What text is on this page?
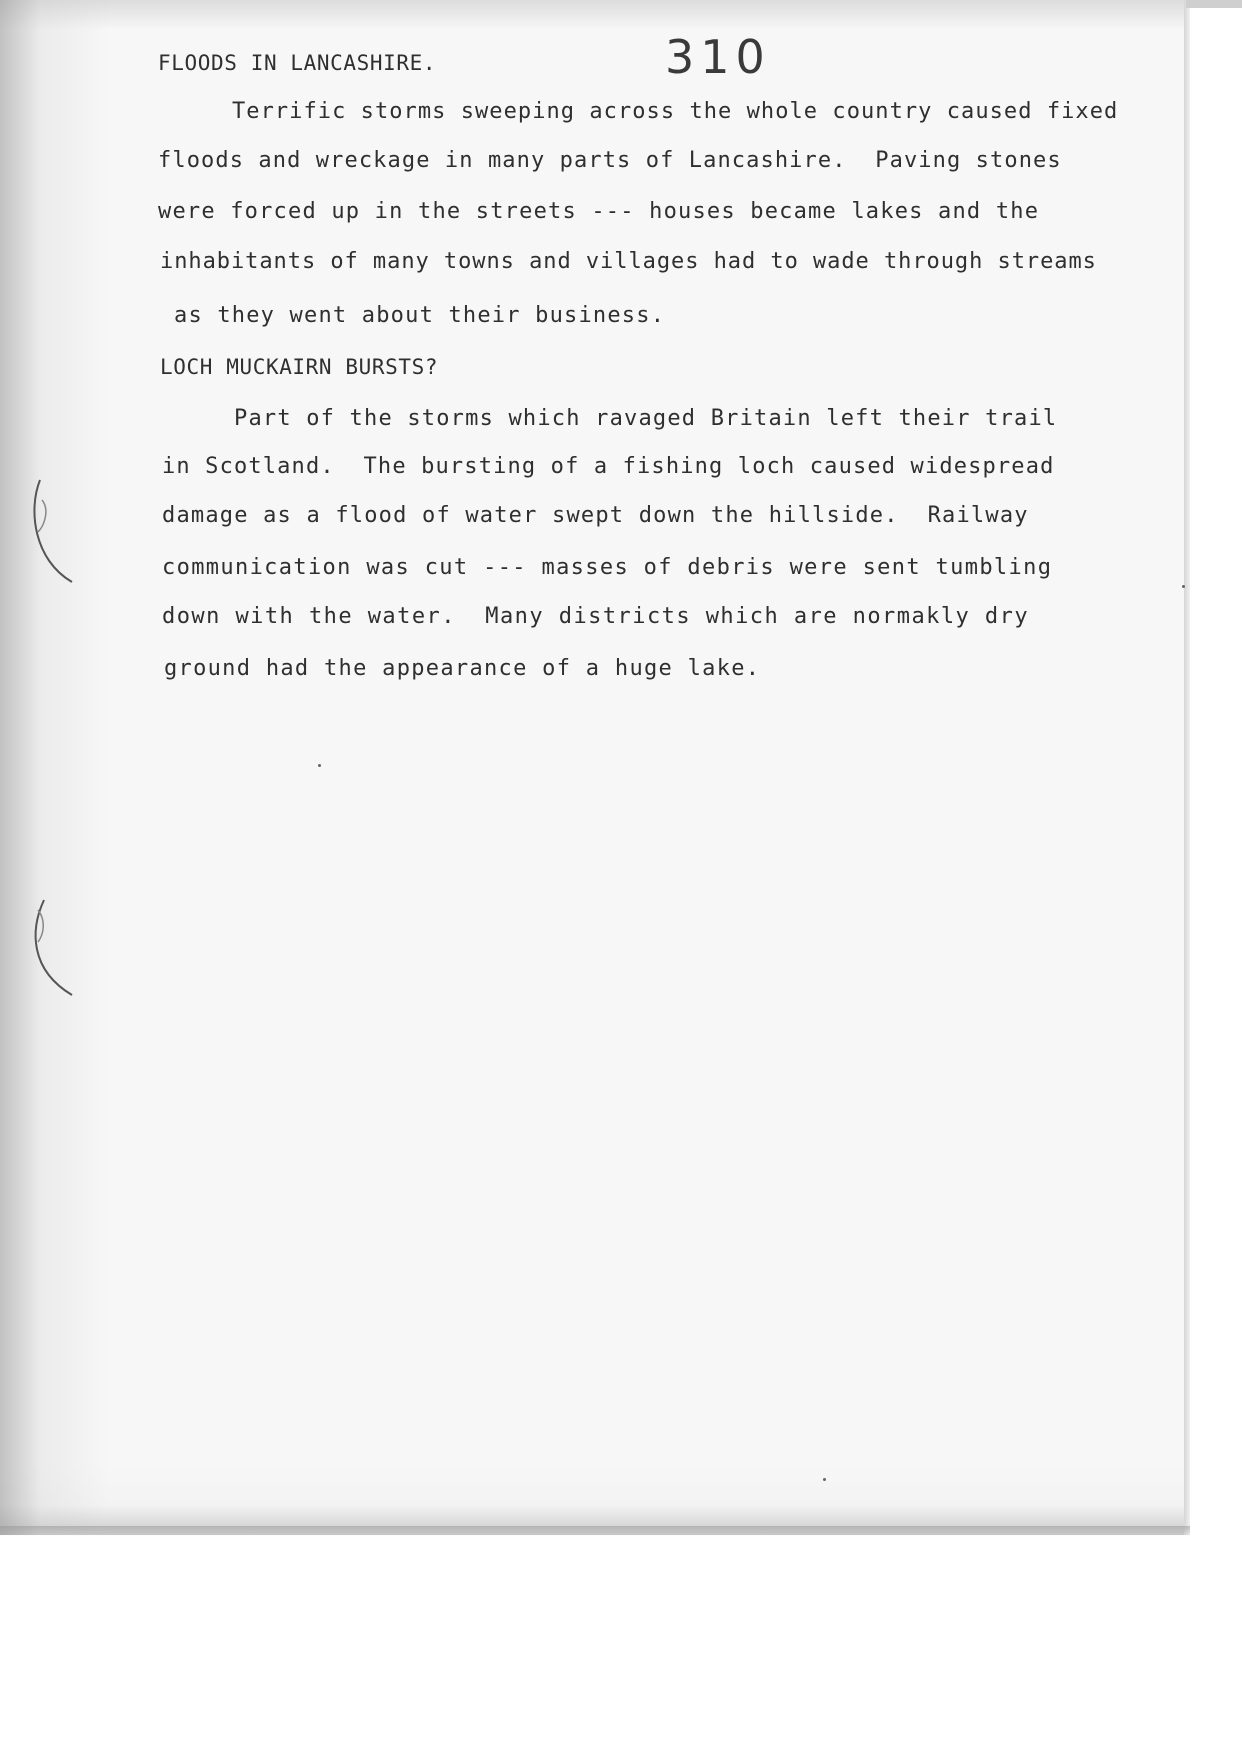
310
FLOODS IN LANCASHIRE.
Terrific storms sweeping across the whole country caused fixed
floods and wreckage in many parts of Lancashire.  Paving stones
were forced up in the streets --- houses became lakes and the
inhabitants of many towns and villages had to wade through streams
as they went about their business.
LOCH MUCKAIRN BURSTS?
Part of the storms which ravaged Britain left their trail
in Scotland.  The bursting of a fishing loch caused widespread
damage as a flood of water swept down the hillside.  Railway
communication was cut --- masses of debris were sent tumbling
down with the water.  Many districts which are normakly dry
ground had the appearance of a huge lake.
